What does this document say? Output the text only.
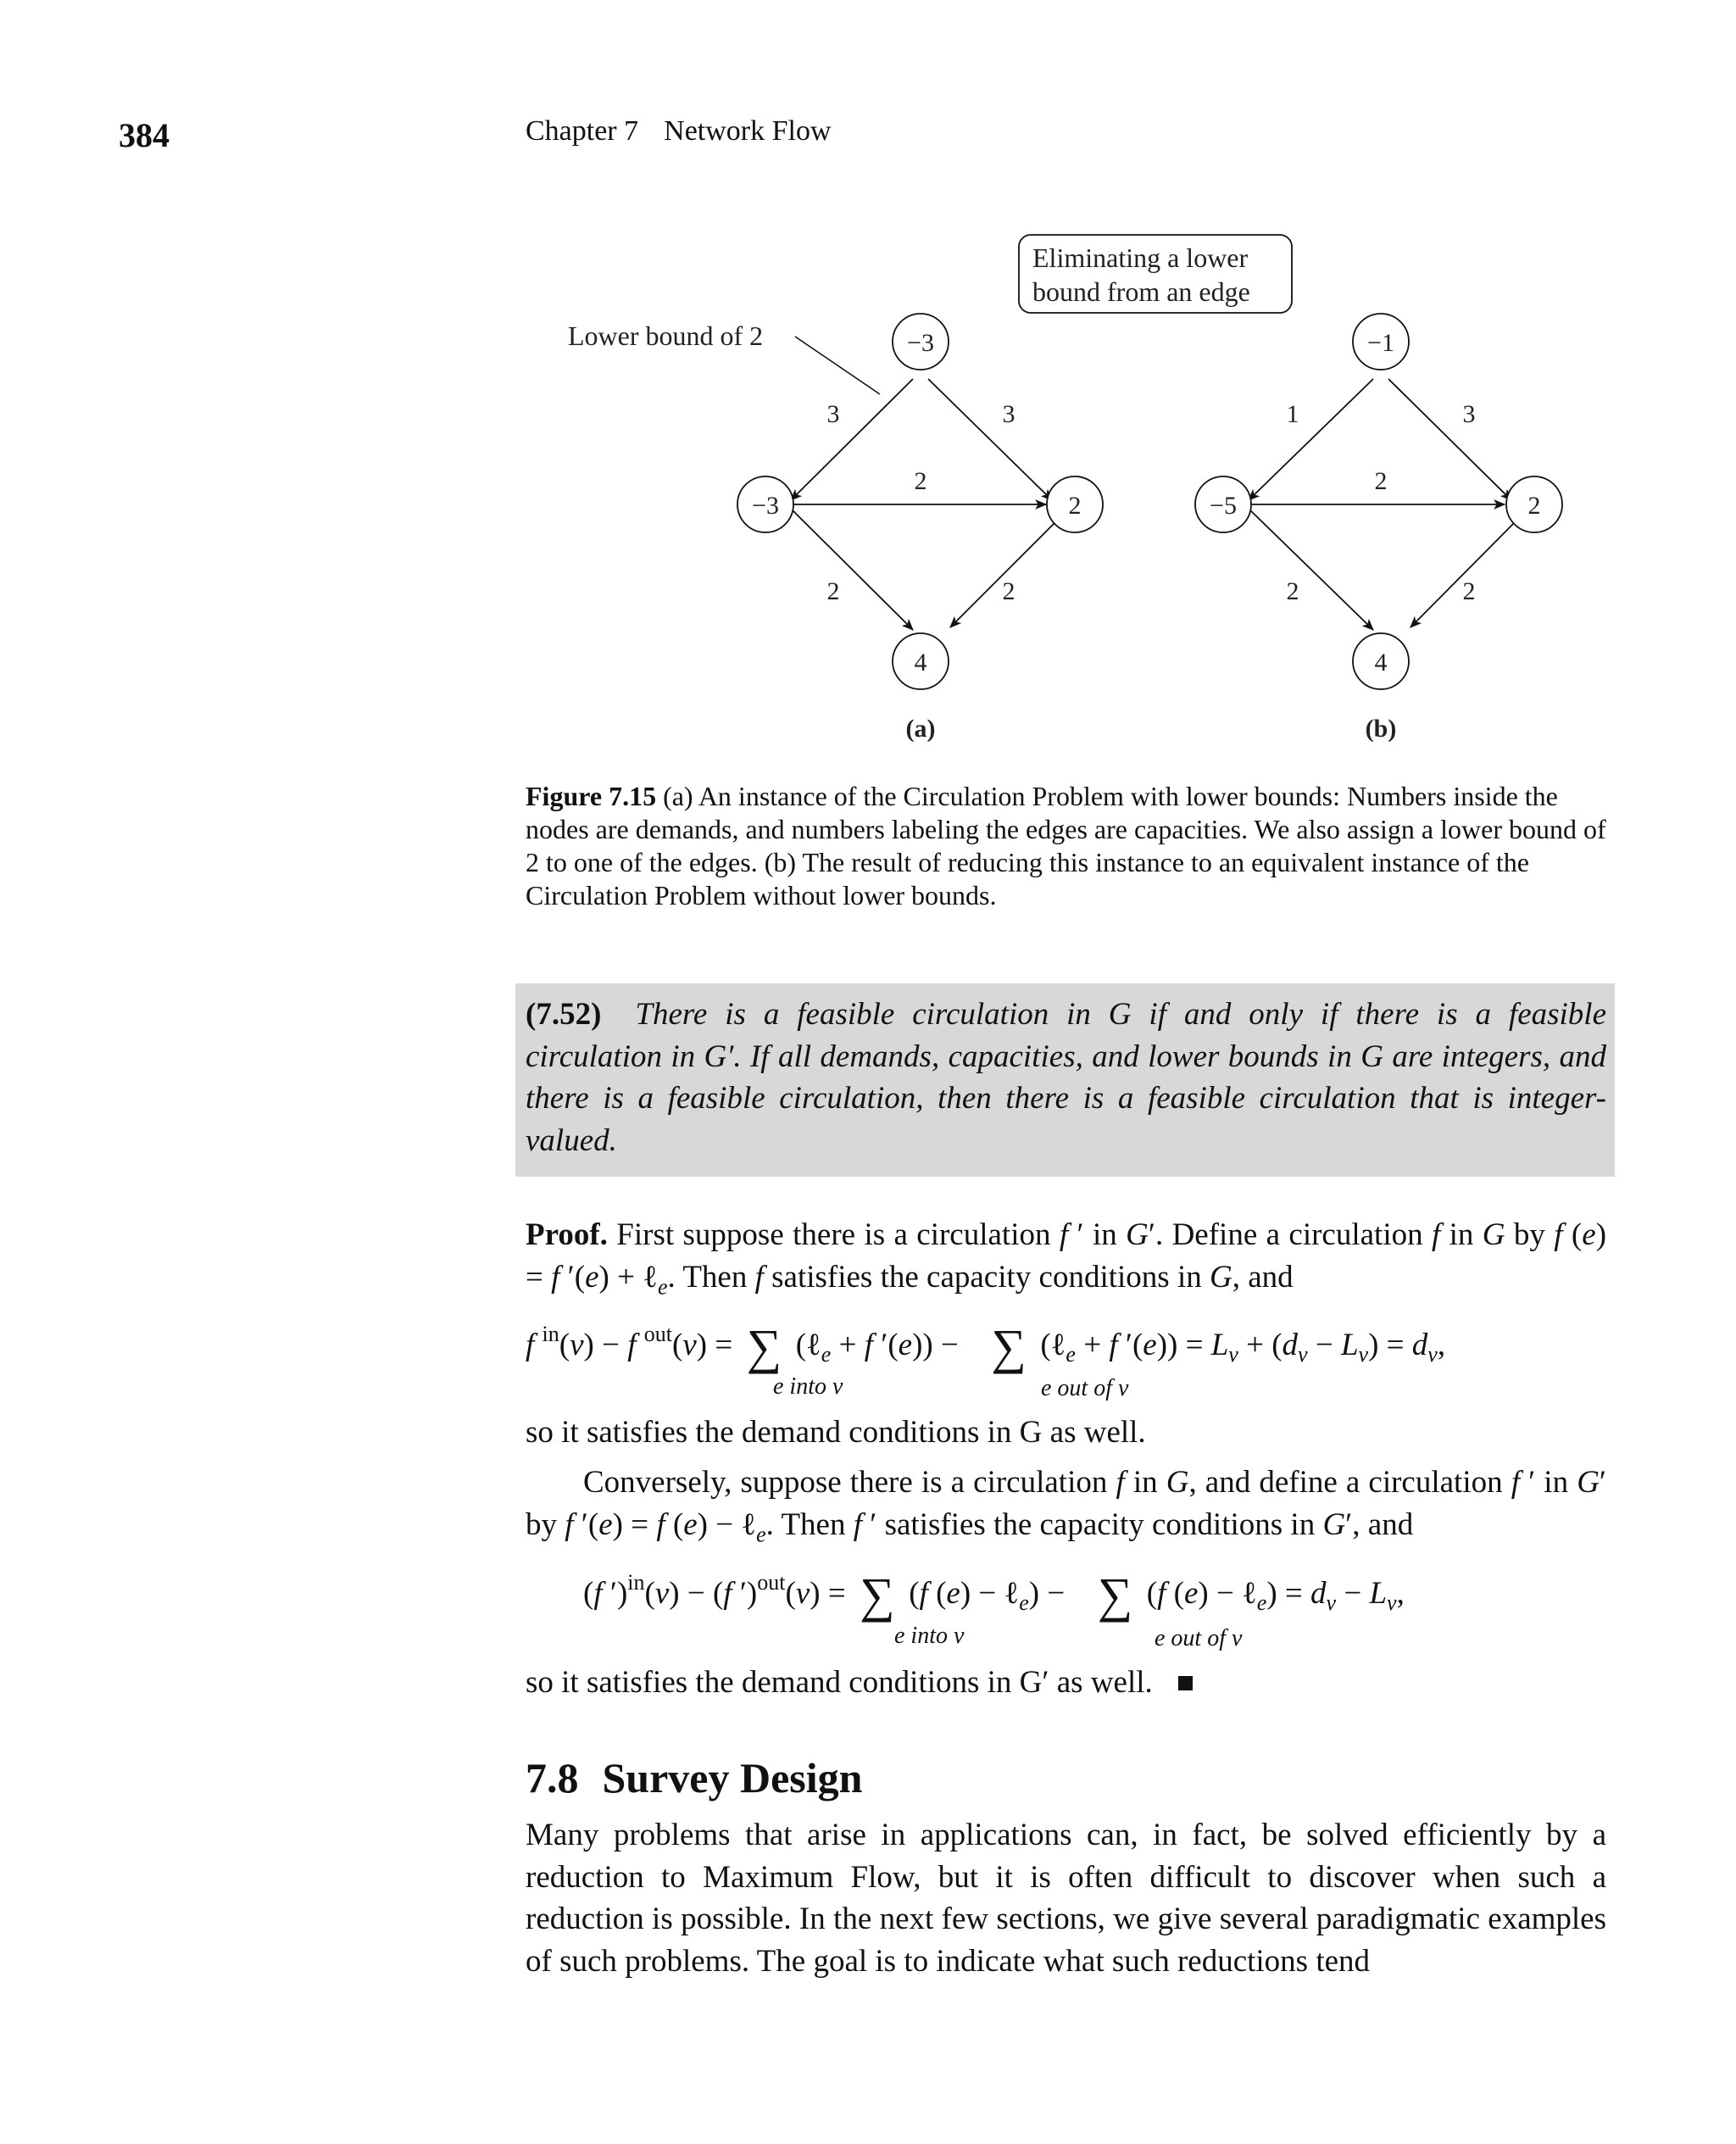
384	Chapter 7 Network Flow
Lower bound of 2
Eliminating a lower
bound from an edge
−3
−3	2
4
3	3
2
2	2
(a)
−1
−5	2
4
1	3
2
2	2
(b)
Figure 7.15 (a) An instance of the Circulation Problem with lower bounds: Numbers inside the nodes are demands, and numbers labeling the edges are capacities. We also assign a lower bound of 2 to one of the edges. (b) The result of reducing this instance to an equivalent instance of the Circulation Problem without lower bounds.
(7.52) There is a feasible circulation in G if and only if there is a feasible circulation in G′. If all demands, capacities, and lower bounds in G are integers, and there is a feasible circulation, then there is a feasible circulation that is integer-valued.
Proof. First suppose there is a circulation f ′ in G′. Define a circulation f in G by f (e) = f ′(e) + ℓ$_e$. Then f satisfies the capacity conditions in G, and
f $^{in}$(v) − f $^{out}$(v) = ∑ (ℓ$_e$ + f ′(e)) − ∑ (ℓ$_e$ + f $'(e)) = L_v + (d_v - L_v) = d_v$,
e into v	e out of v
so it satisfies the demand conditions in G as well.
Conversely, suppose there is a circulation f in G, and define a circulation f ′ in G′ by f ′(e) = f (e) − ℓ$_e$. Then f ′ satisfies the capacity conditions in G′, and
(f ′)$^{in}$(v) − (f ′)$^{out}$(v) = ∑ (f (e) − ℓ$_e$) − ∑ (f (e) − ℓ$_e$) = $d_v - L_v$,
e into v	e out of v
so it satisfies the demand conditions in G′ as well.
7.8 Survey Design
Many problems that arise in applications can, in fact, be solved efficiently by a reduction to Maximum Flow, but it is often difficult to discover when such a reduction is possible. In the next few sections, we give several paradigmatic examples of such problems. The goal is to indicate what such reductions tend
